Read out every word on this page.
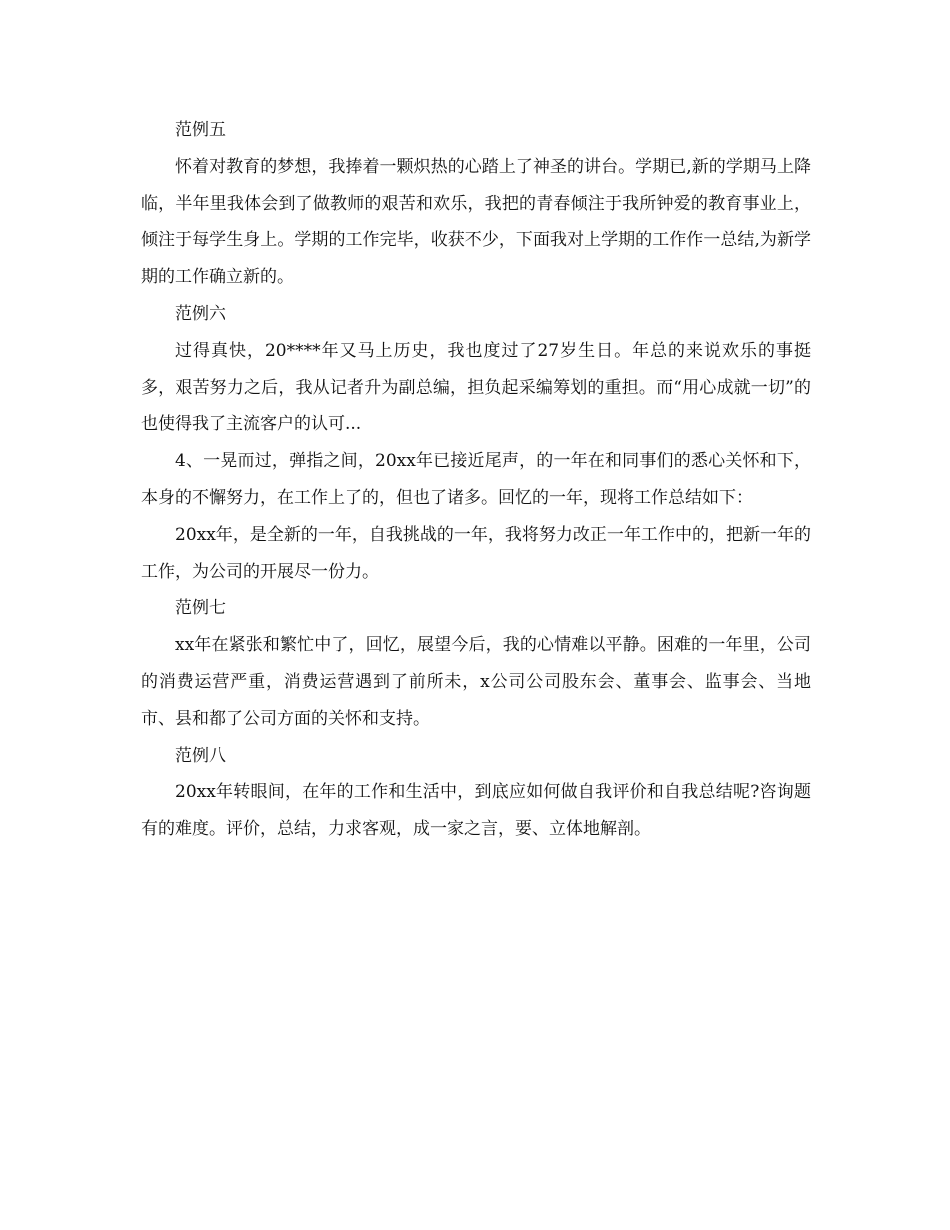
范例五

怀着对教育的梦想，我捧着一颗炽热的心踏上了神圣的讲台。学期已,新的学期马上降临，半年里我体会到了做教师的艰苦和欢乐，我把的青春倾注于我所钟爱的教育事业上，倾注于每学生身上。学期的工作完毕，收获不少，下面我对上学期的工作作一总结,为新学期的工作确立新的。

范例六

过得真快，20****年又马上历史，我也度过了27岁生日。年总的来说欢乐的事挺多，艰苦努力之后，我从记者升为副总编，担负起采编筹划的重担。而“用心成就一切”的也使得我了主流客户的认可...

4、一晃而过，弹指之间，20xx年已接近尾声，的一年在和同事们的悉心关怀和下，本身的不懈努力，在工作上了的，但也了诸多。回忆的一年，现将工作总结如下：

20xx年，是全新的一年，自我挑战的一年，我将努力改正一年工作中的，把新一年的工作，为公司的开展尽一份力。

范例七

xx年在紧张和繁忙中了，回忆，展望今后，我的心情难以平静。困难的一年里，公司的消费运营严重，消费运营遇到了前所未，x公司公司股东会、董事会、监事会、当地市、县和都了公司方面的关怀和支持。

范例八

20xx年转眼间，在年的工作和生活中，到底应如何做自我评价和自我总结呢?咨询题有的难度。评价，总结，力求客观，成一家之言，要、立体地解剖。
